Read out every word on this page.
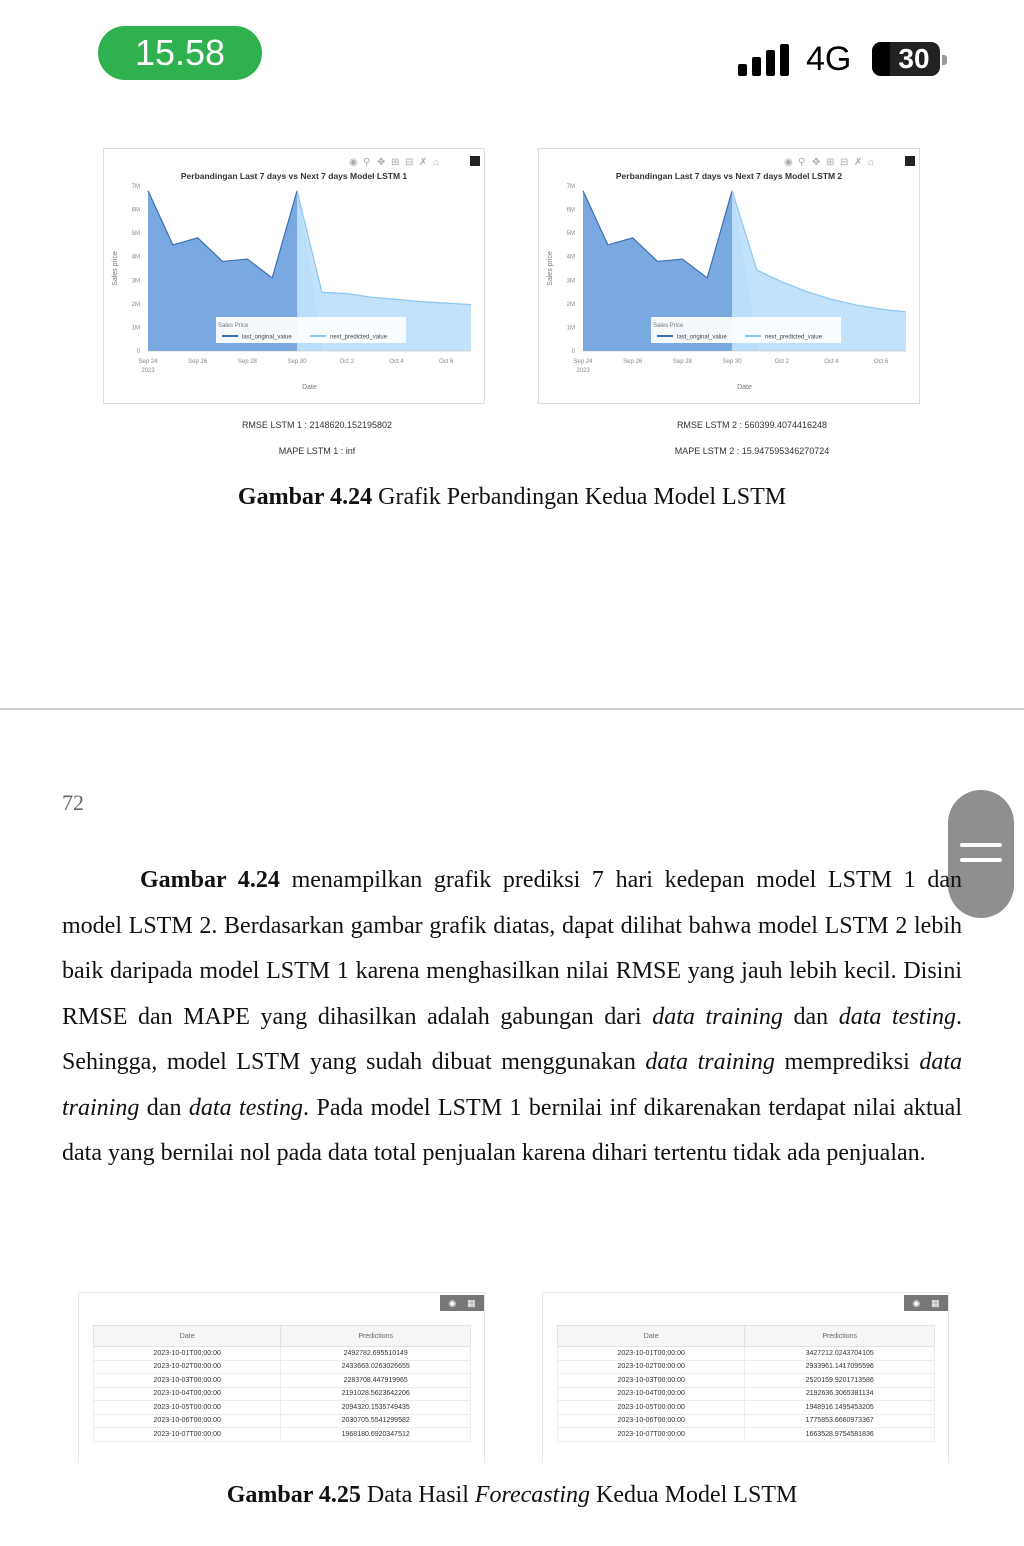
15.58	4G	30
◉ ⚲ ✥ ⊞ ⊟ ✗ ⌂
Perbandingan Last 7 days vs Next 7 days Model LSTM 1
0
1M
2M
3M
4M
5M
6M
7M
Sales price
Sep 24
2023
Sep 26	Sep 28	Sep 30	Oct 2	Oct 4	Oct 6
Date
Sales Price
last_original_value	next_predicted_value
◉ ⚲ ✥ ⊞ ⊟ ✗ ⌂
Perbandingan Last 7 days vs Next 7 days Model LSTM 2
0
1M
2M
3M
4M
5M
6M
7M
Sales price
Sep 24
2023
Sep 26	Sep 28	Sep 30	Oct 2	Oct 4	Oct 6
Date
Sales Price
last_original_value	next_predicted_value
RMSE LSTM 1 : 2148620.152195802
MAPE LSTM 1 : inf
RMSE LSTM 2 : 560399.4074416248
MAPE LSTM 2 : 15.947595346270724
Gambar 4.24 Grafik Perbandingan Kedua Model LSTM
72
Gambar 4.24 menampilkan grafik prediksi 7 hari kedepan model LSTM 1 dan model LSTM 2. Berdasarkan gambar grafik diatas, dapat dilihat bahwa model LSTM 2 lebih baik daripada model LSTM 1 karena menghasilkan nilai RMSE yang jauh lebih kecil. Disini RMSE dan MAPE yang dihasilkan adalah gabungan dari data training dan data testing. Sehingga, model LSTM yang sudah dibuat menggunakan data training memprediksi data training dan data testing. Pada model LSTM 1 bernilai inf dikarenakan terdapat nilai aktual data yang bernilai nol pada data total penjualan karena dihari tertentu tidak ada penjualan.
◉ ▦
Date	Predictions
2023-10-01T00:00:00	2492782.695510149
2023-10-02T00:00:00	2433663.0263026655
2023-10-03T00:00:00	2283708.447919965
2023-10-04T00:00:00	2191028.5623642206
2023-10-05T00:00:00	2094320.1535749435
2023-10-06T00:00:00	2030705.5541299582
2023-10-07T00:00:00	1968180.6920347512
◉ ▦
Date	Predictions
2023-10-01T00:00:00	3427212.0243704105
2023-10-02T00:00:00	2933961.1417095596
2023-10-03T00:00:00	2520159.9201713586
2023-10-04T00:00:00	2192636.3065381134
2023-10-05T00:00:00	1948916.1495453205
2023-10-06T00:00:00	1775853.6660973367
2023-10-07T00:00:00	1663528.9754581836
Gambar 4.25 Data Hasil Forecasting Kedua Model LSTM
